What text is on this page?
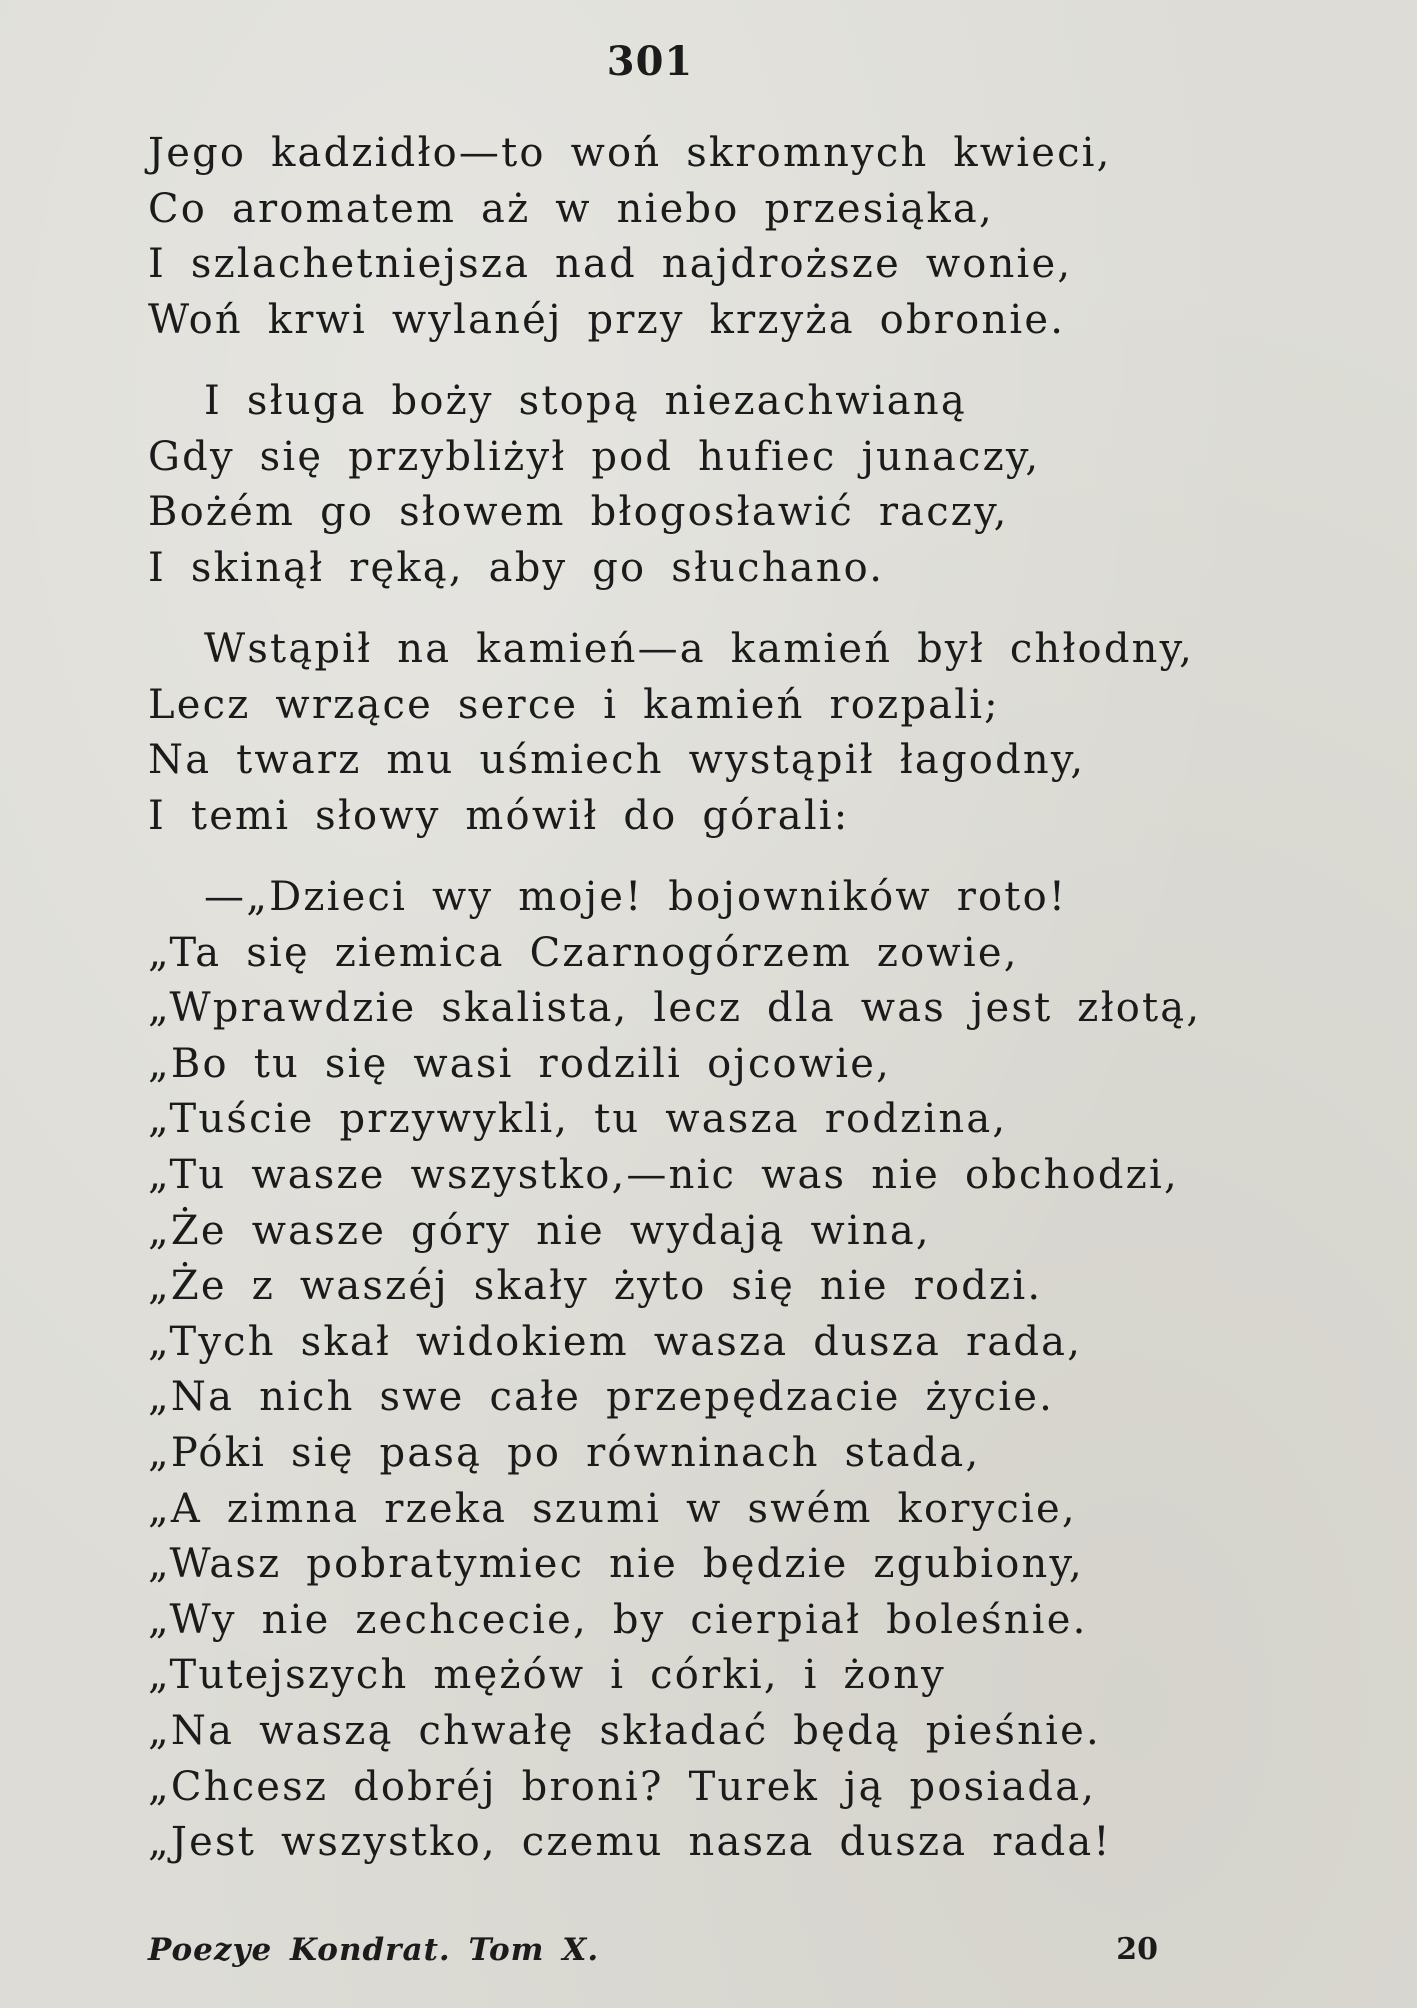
301
Jego kadzidło—to woń skromnych kwieci,
Co aromatem aż w niebo przesiąka,
I szlachetniejsza nad najdroższe wonie,
Woń krwi wylanéj przy krzyża obronie.
I sługa boży stopą niezachwianą
Gdy się przybliżył pod hufiec junaczy,
Bożém go słowem błogosławić raczy,
I skinął ręką, aby go słuchano.
Wstąpił na kamień—a kamień był chłodny,
Lecz wrzące serce i kamień rozpali;
Na twarz mu uśmiech wystąpił łagodny,
I temi słowy mówił do górali:
—„Dzieci wy moje! bojowników roto!
„Ta się ziemica Czarnogórzem zowie,
„Wprawdzie skalista, lecz dla was jest złotą,
„Bo tu się wasi rodzili ojcowie,
„Tuście przywykli, tu wasza rodzina,
„Tu wasze wszystko,—nic was nie obchodzi,
„Że wasze góry nie wydają wina,
„Że z waszéj skały żyto się nie rodzi.
„Tych skał widokiem wasza dusza rada,
„Na nich swe całe przepędzacie życie.
„Póki się pasą po równinach stada,
„A zimna rzeka szumi w swém korycie,
„Wasz pobratymiec nie będzie zgubiony,
„Wy nie zechcecie, by cierpiał boleśnie.
„Tutejszych mężów i córki, i żony
„Na waszą chwałę składać będą pieśnie.
„Chcesz dobréj broni? Turek ją posiada,
„Jest wszystko, czemu nasza dusza rada!
Poezye Kondrat. Tom X.	20
